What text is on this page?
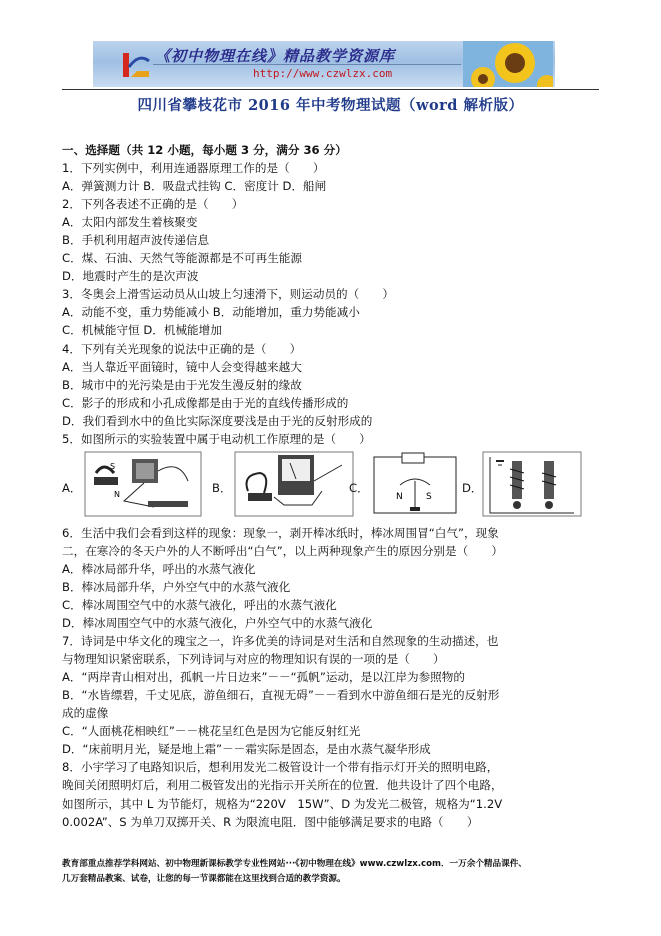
《初中物理在线》精品教学资源库
http://www.czwlzx.com
四川省攀枝花市 2016 年中考物理试题（word 解析版）
一、选择题（共 12 小题，每小题 3 分，满分 36 分）
1．下列实例中，利用连通器原理工作的是（　　）
A．弹簧测力计 B．吸盘式挂钩 C．密度计 D．船闸
2．下列各表述不正确的是（　　）
A．太阳内部发生着核聚变
B．手机利用超声波传递信息
C．煤、石油、天然气等能源都是不可再生能源
D．地震时产生的是次声波
3．冬奥会上滑雪运动员从山坡上匀速滑下，则运动员的（　　）
A．动能不变，重力势能减小 B．动能增加，重力势能减小
C．机械能守恒 D．机械能增加
4．下列有关光现象的说法中正确的是（　　）
A．当人靠近平面镜时，镜中人会变得越来越大
B．城市中的光污染是由于光发生漫反射的缘故
C．影子的形成和小孔成像都是由于光的直线传播形成的
D．我们看到水中的鱼比实际深度要浅是由于光的反射形成的
5．如图所示的实验装置中属于电动机工作原理的是（　　）
A．
S
N	B．	C．
N	S
D．
6．生活中我们会看到这样的现象：现象一，剥开棒冰纸时，棒冰周围冒“白气”，现象
二，在寒冷的冬天户外的人不断呼出“白气”，以上两种现象产生的原因分别是（　　）
A．棒冰局部升华，呼出的水蒸气液化
B．棒冰局部升华，户外空气中的水蒸气液化
C．棒冰周围空气中的水蒸气液化，呼出的水蒸气液化
D．棒冰周围空气中的水蒸气液化，户外空气中的水蒸气液化
7．诗词是中华文化的瑰宝之一，许多优美的诗词是对生活和自然现象的生动描述，也
与物理知识紧密联系，下列诗词与对应的物理知识有误的一项的是（　　）
A．“两岸青山相对出，孤帆一片日边来”－－“孤帆”运动，是以江岸为参照物的
B．“水皆缥碧，千丈见底，游鱼细石，直视无碍”－－看到水中游鱼细石是光的反射形
成的虚像
C．“人面桃花相映红”－－桃花呈红色是因为它能反射红光
D．“床前明月光，疑是地上霜”－－霜实际是固态，是由水蒸气凝华形成
8．小宇学习了电路知识后，想利用发光二极管设计一个带有指示灯开关的照明电路，
晚间关闭照明灯后，利用二极管发出的光指示开关所在的位置．他共设计了四个电路，
如图所示，其中 L 为节能灯，规格为“220V　15W”、D 为发光二极管，规格为“1.2V
0.002A”、S 为单刀双掷开关、R 为限流电阻．图中能够满足要求的电路（　　）
教育部重点推荐学科网站、初中物理新课标教学专业性网站···《初中物理在线》www.czwlzx.com．一万余个精品课件、
几万套精品教案、试卷，让您的每一节课都能在这里找到合适的教学资源。
